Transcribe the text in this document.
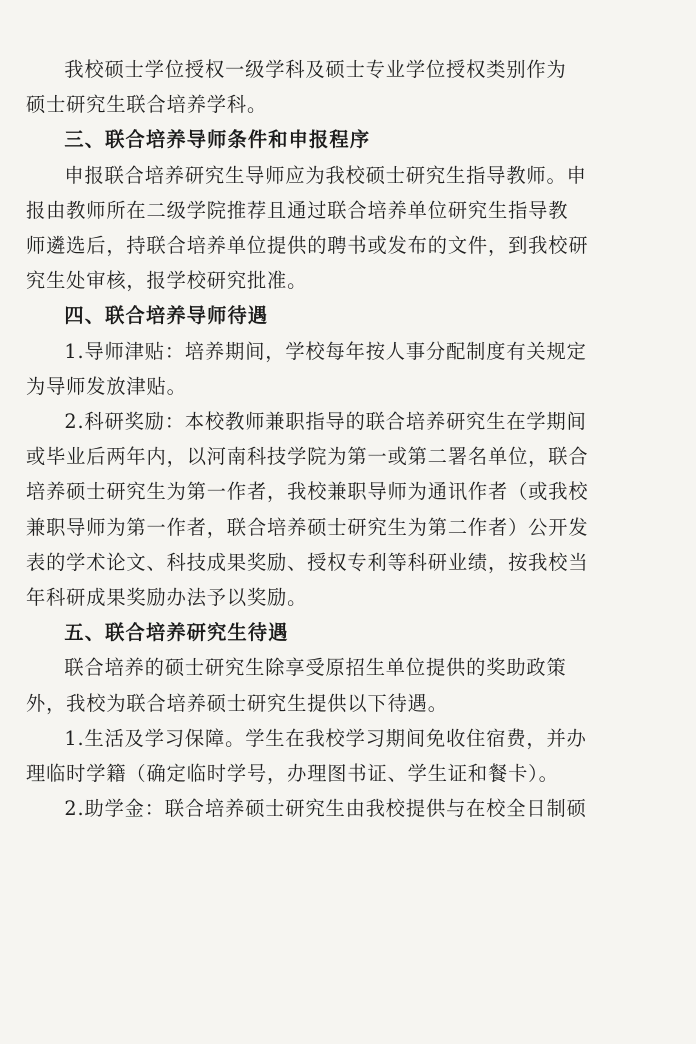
我校硕士学位授权一级学科及硕士专业学位授权类别作为
硕士研究生联合培养学科。
三、联合培养导师条件和申报程序
申报联合培养研究生导师应为我校硕士研究生指导教师。申
报由教师所在二级学院推荐且通过联合培养单位研究生指导教
师遴选后，持联合培养单位提供的聘书或发布的文件，到我校研
究生处审核，报学校研究批准。
四、联合培养导师待遇
1.导师津贴：培养期间，学校每年按人事分配制度有关规定
为导师发放津贴。
2.科研奖励：本校教师兼职指导的联合培养研究生在学期间
或毕业后两年内，以河南科技学院为第一或第二署名单位，联合
培养硕士研究生为第一作者，我校兼职导师为通讯作者（或我校
兼职导师为第一作者，联合培养硕士研究生为第二作者）公开发
表的学术论文、科技成果奖励、授权专利等科研业绩，按我校当
年科研成果奖励办法予以奖励。
五、联合培养研究生待遇
联合培养的硕士研究生除享受原招生单位提供的奖助政策
外，我校为联合培养硕士研究生提供以下待遇。
1.生活及学习保障。学生在我校学习期间免收住宿费，并办
理临时学籍（确定临时学号，办理图书证、学生证和餐卡）。
2.助学金：联合培养硕士研究生由我校提供与在校全日制硕
